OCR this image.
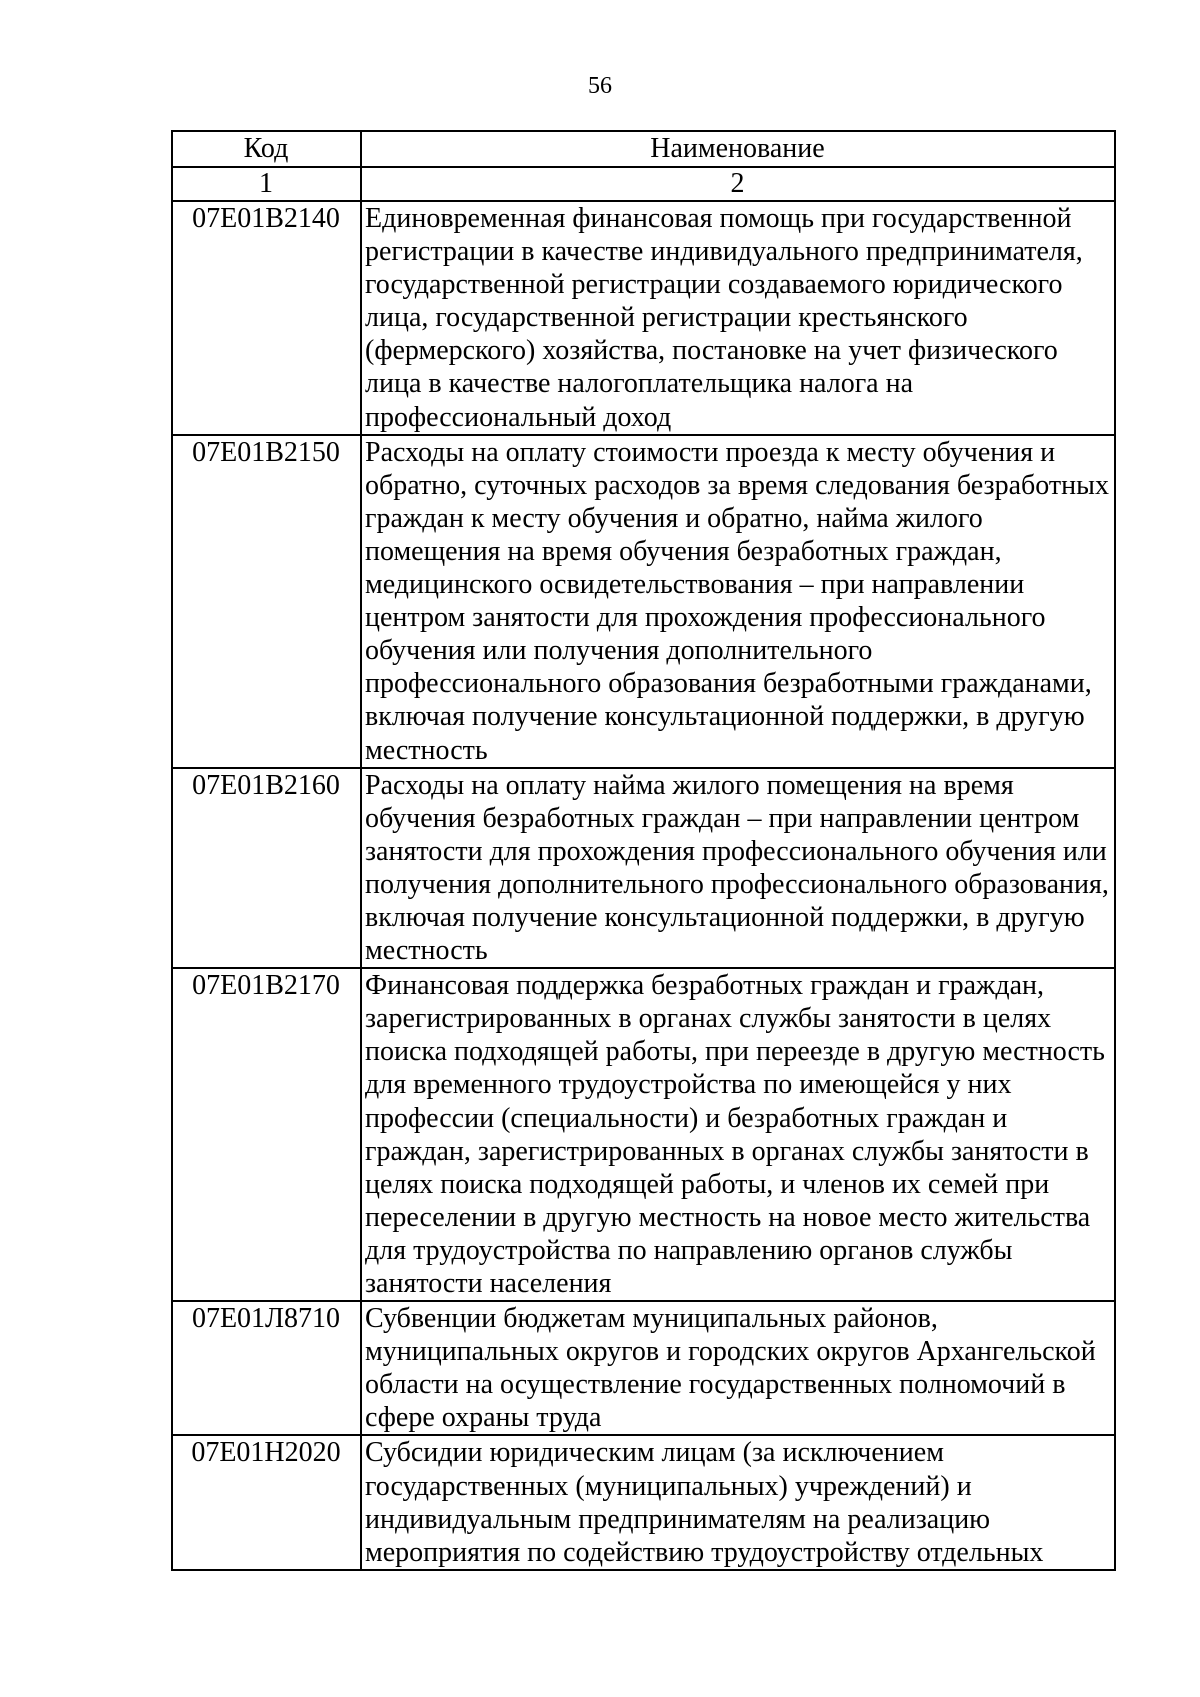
56
Код	Наименование
1	2
07Е01В2140	Единовременная финансовая помощь при государственной регистрации в качестве индивидуального предпринимателя, государственной регистрации создаваемого юридического лица, государственной регистрации крестьянского (фермерского) хозяйства, постановке на учет физического лица в качестве налогоплательщика налога на профессиональный доход
07Е01В2150	Расходы на оплату стоимости проезда к месту обучения и обратно, суточных расходов за время следования безработных граждан к месту обучения и обратно, найма жилого помещения на время обучения безработных граждан, медицинского освидетельствования – при направлении центром занятости для прохождения профессионального обучения или получения дополнительного профессионального образования безработными гражданами, включая получение консультационной поддержки, в другую местность
07Е01В2160	Расходы на оплату найма жилого помещения на время обучения безработных граждан – при направлении центром занятости для прохождения профессионального обучения или получения дополнительного профессионального образования, включая получение консультационной поддержки, в другую местность
07Е01В2170	Финансовая поддержка безработных граждан и граждан, зарегистрированных в органах службы занятости в целях поиска подходящей работы, при переезде в другую местность для временного трудоустройства по имеющейся у них профессии (специальности) и безработных граждан и граждан, зарегистрированных в органах службы занятости в целях поиска подходящей работы, и членов их семей при переселении в другую местность на новое место жительства для трудоустройства по направлению органов службы занятости населения
07Е01Л8710	Субвенции бюджетам муниципальных районов, муниципальных округов и городских округов Архангельской области на осуществление государственных полномочий в сфере охраны труда
07Е01Н2020	Субсидии юридическим лицам (за исключением государственных (муниципальных) учреждений) и индивидуальным предпринимателям на реализацию мероприятия по содействию трудоустройству отдельных
